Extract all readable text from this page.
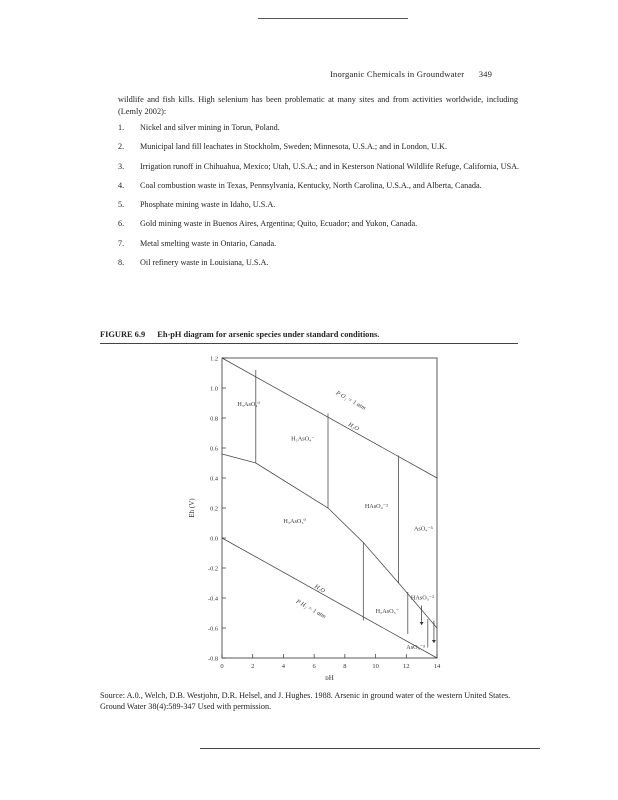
Inorganic Chemicals in Groundwater 349
wildlife and fish kills. High selenium has been problematic at many sites and from activities worldwide, including (Lemly 2002):
1.	Nickel and silver mining in Torun, Poland.
2.	Municipal land fill leachates in Stockholm, Sweden; Minnesota, U.S.A.; and in London, U.K.
3.	Irrigation runoff in Chihuahua, Mexico; Utah, U.S.A.; and in Kesterson National Wildlife Refuge, California, USA.
4.	Coal combustion waste in Texas, Pennsylvania, Kentucky, North Carolina, U.S.A., and Alberta, Canada.
5.	Phosphate mining waste in Idaho, U.S.A.
6.	Gold mining waste in Buenos Aires, Argentina; Quito, Ecuador; and Yukon, Canada.
7.	Metal smelting waste in Ontario, Canada.
8.	Oil refinery waste in Louisiana, U.S.A.
FIGURE 6.9 Eh-pH diagram for arsenic species under standard conditions.
0	2	4	6	8	10	12	14
1.2
1.0
0.8
0.6
0.4
0.2
0.0
-0.2
-0.4
-0.6
-0.8
H₃AsO₄⁰
H₂AsO₄⁻
HAsO₄⁻²
AsO₄⁻³
H₃AsO₃⁰
H₂AsO₃⁻
HAsO₃⁻²
AsO₃⁻³
P O₂ = 1 atm
H₂O
H₂O
P H₂ = 1 atm
pH
Eh (V)
Source: A.0., Welch, D.B. Westjohn, D.R. Helsel, and J. Hughes. 1988. Arsenic in ground water of the western United States. Ground Water 38(4):589-347 Used with permission.
